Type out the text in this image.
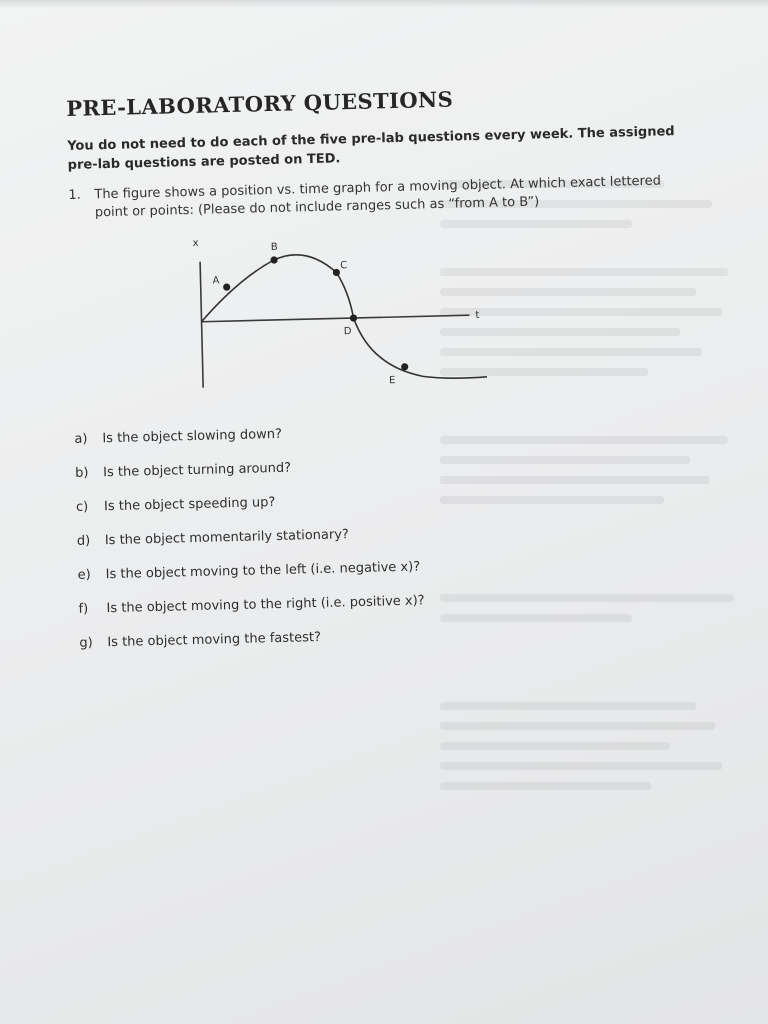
PRE-LABORATORY QUESTIONS

You do not need to do each of the five pre-lab questions every week. The assigned pre-lab questions are posted on TED.

1.	The figure shows a position vs. time graph for a moving object. At which exact lettered point or points: (Please do not include ranges such as “from A to B”)
x
t
A
B
C
D
E
a)	Is the object slowing down?
b)	Is the object turning around?
c)	Is the object speeding up?
d)	Is the object momentarily stationary?
e)	Is the object moving to the left (i.e. negative x)?
f)	Is the object moving to the right (i.e. positive x)?
g)	Is the object moving the fastest?
